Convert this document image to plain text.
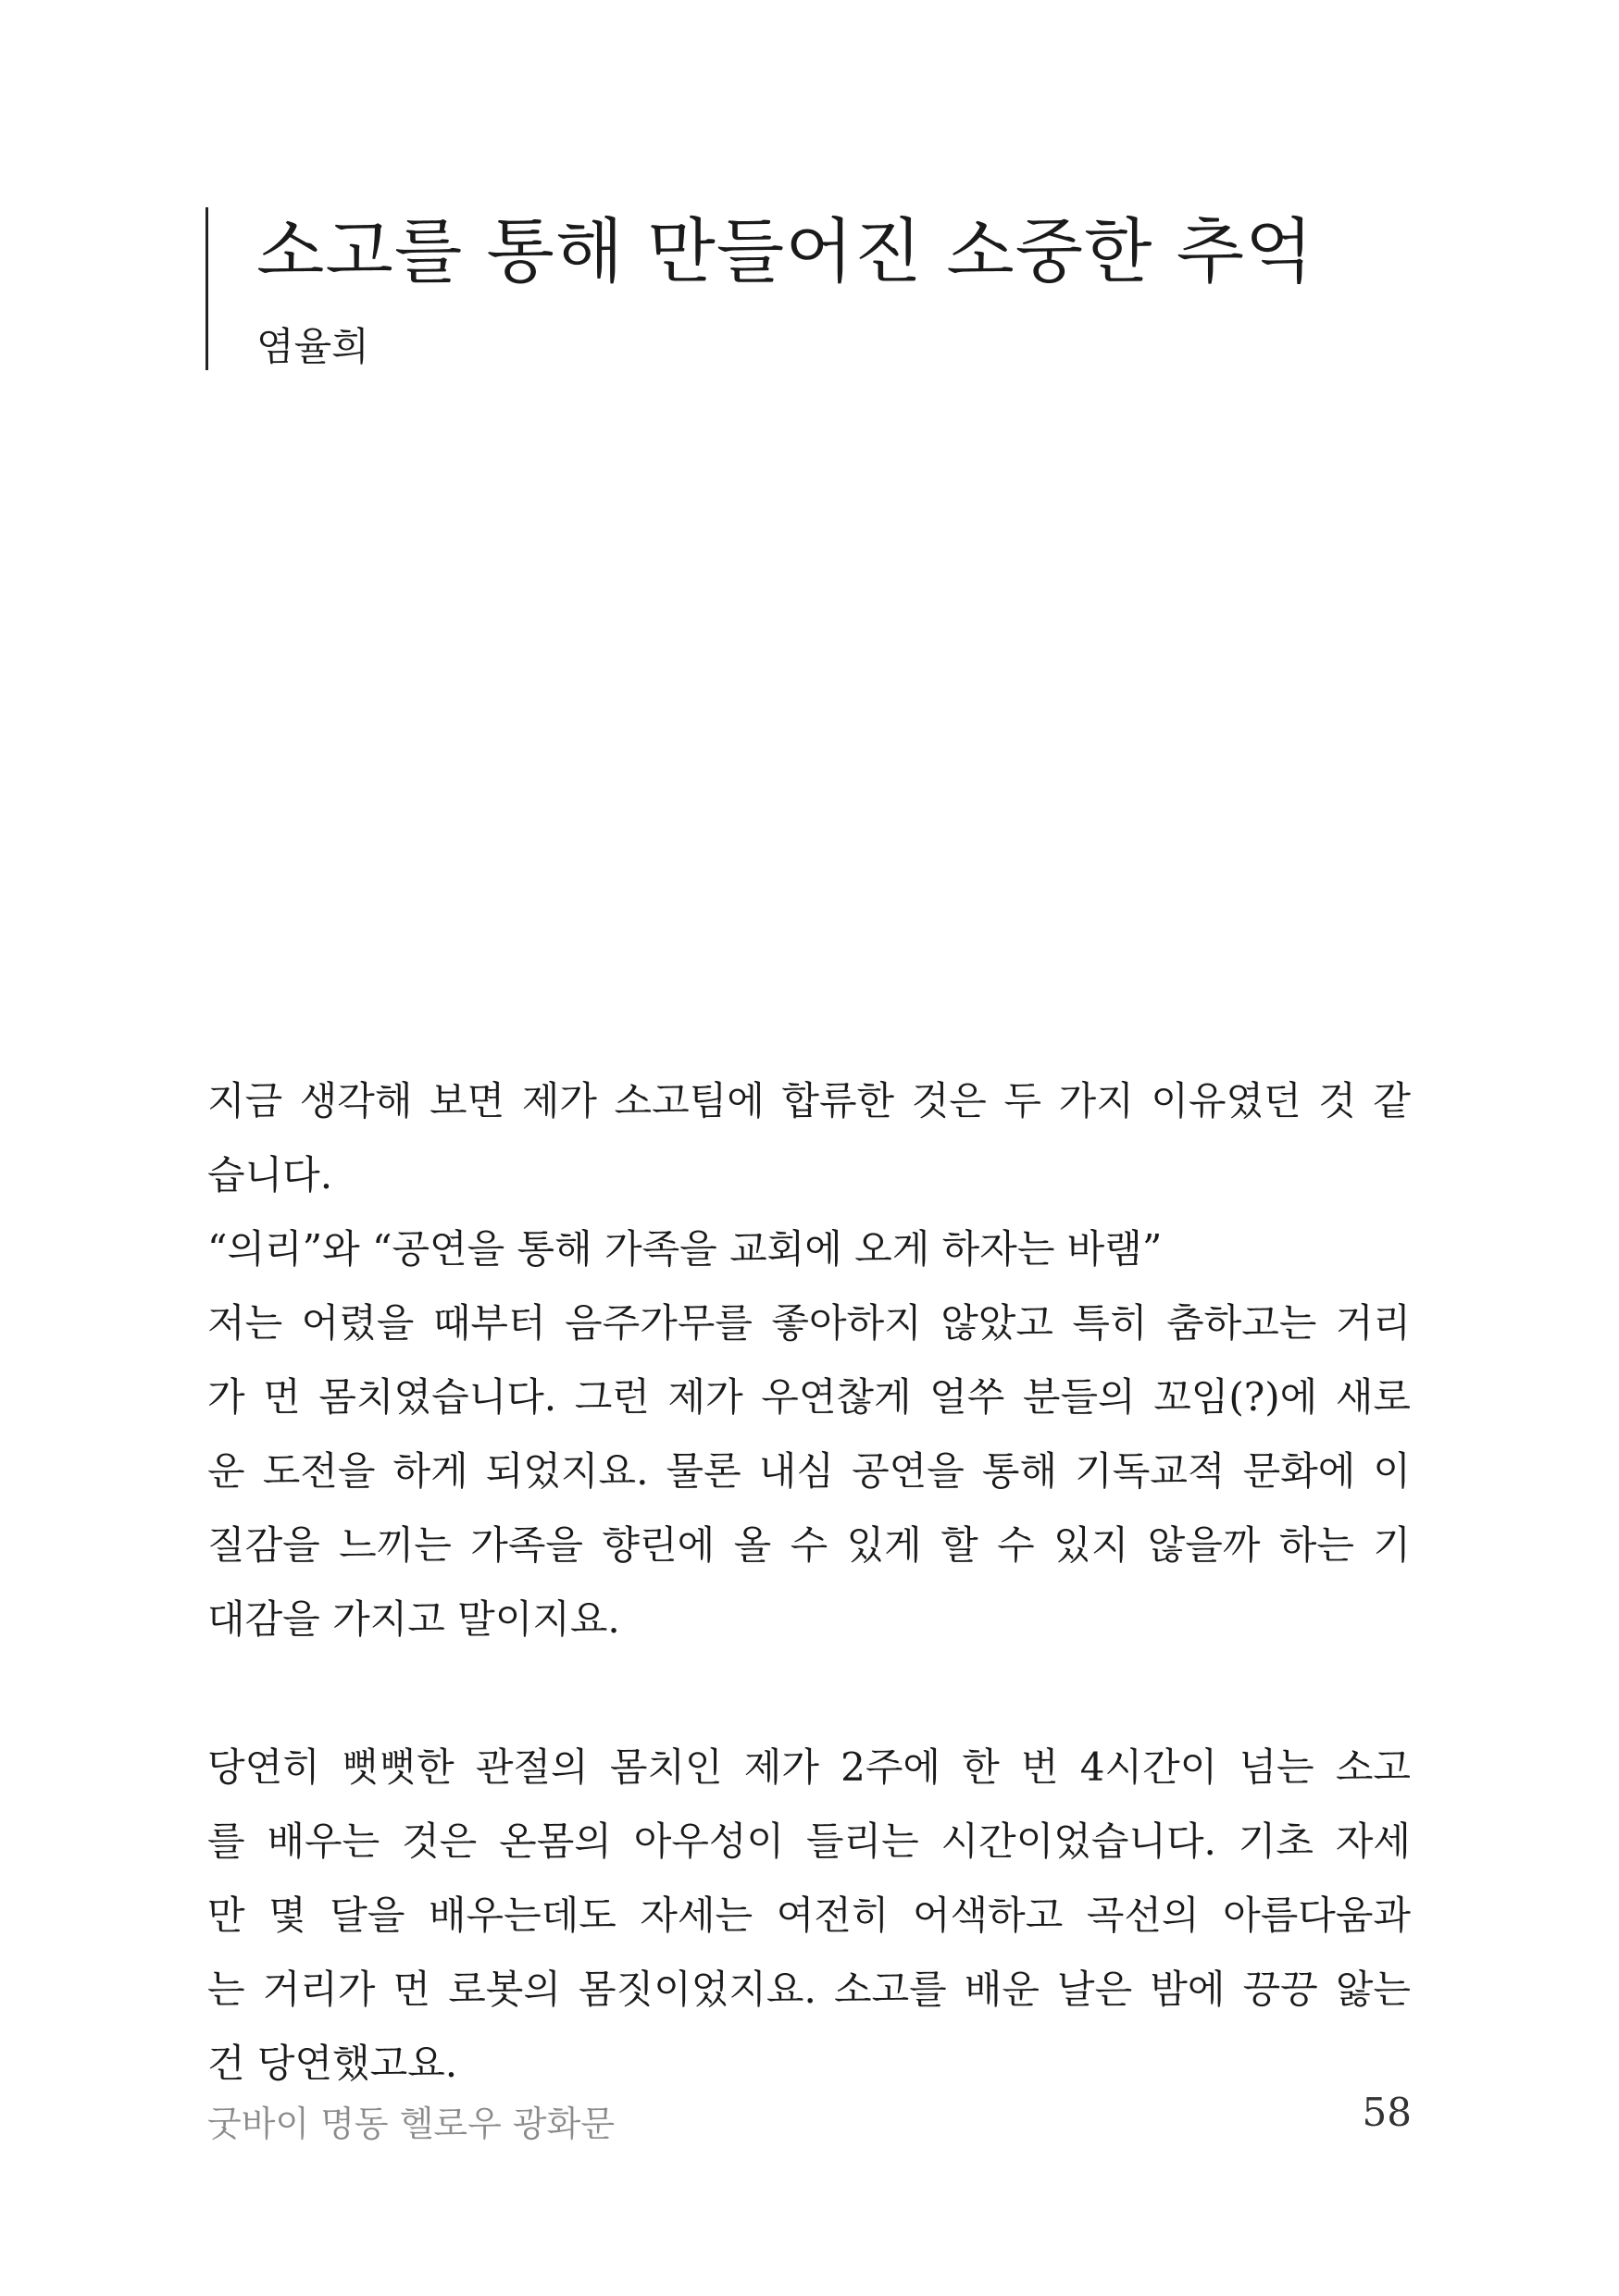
소고를 통해 만들어진 소중한 추억
염율희
지금 생각해 보면 제가 소고팀에 합류한 것은 두 가지 이유였던 것 같
습니다.
“의리”와 “공연을 통해 가족을 교회에 오게 하자는 바램”
저는 어렸을 때부터 음주가무를 좋아하지 않았고 특히 춤하고는 거리
가 먼 몸치였습니다. 그런 제가 우연찮게 얼쑤 분들의 꼬임(?)에 새로
운 도전을 하게 되었지요. 물론 내심 공연을 통해 기독교적 문화에 이
질감을 느끼는 가족을 향린에 올 수 있게 할 수 있지 않을까 하는 기
대감을 가지고 말이지요.
당연히 뻣뻣한 관절의 몸치인 제가 2주에 한 번 4시간이 넘는 소고
를 배우는 것은 온몸의 아우성이 들리는 시간이었습니다. 기초 자세
만 몇 달을 배우는데도 자세는 여전히 어색하고 곡선의 아름다움과
는 거리가 먼 로봇의 몸짓이었지요. 소고를 배운 날은 밤에 끙끙 앓는
건 당연했고요.
굿바이 명동 헬로우 광화문	58
